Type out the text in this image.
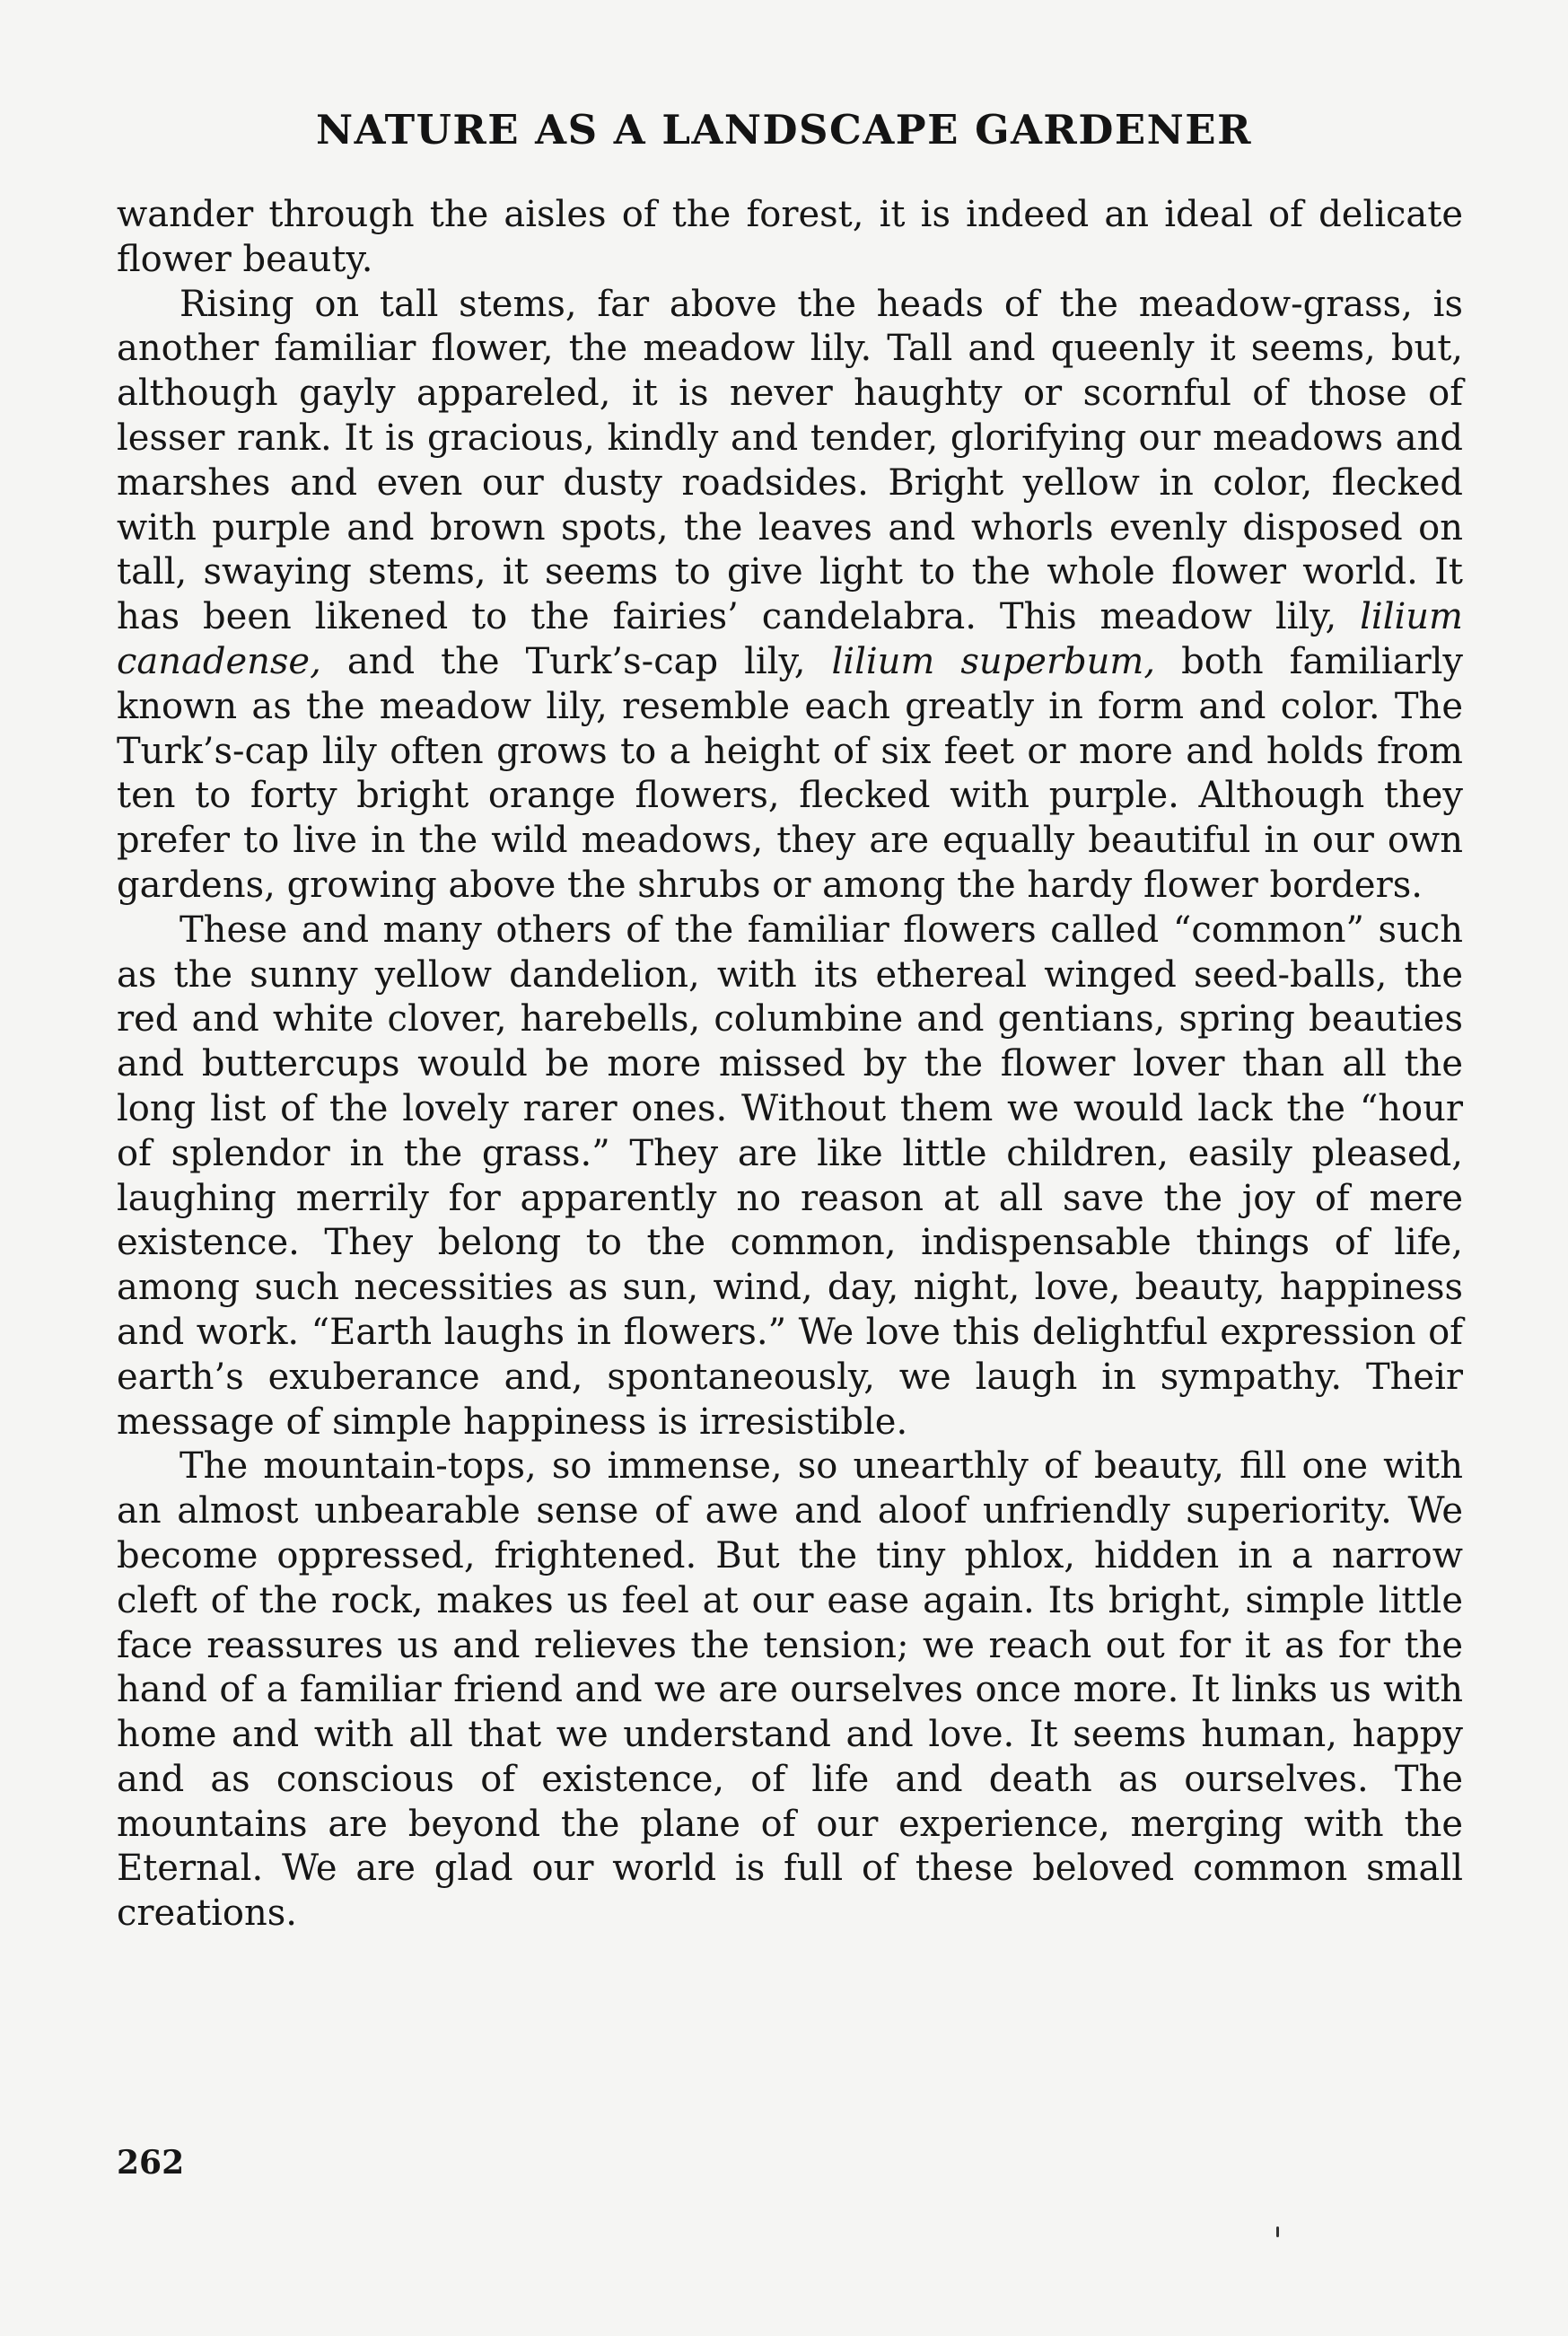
NATURE AS A LANDSCAPE GARDENER

wander through the aisles of the forest, it is indeed an ideal of delicate flower beauty.

Rising on tall stems, far above the heads of the meadow-grass, is another familiar flower, the meadow lily. Tall and queenly it seems, but, although gayly appareled, it is never haughty or scornful of those of lesser rank. It is gracious, kindly and tender, glorifying our meadows and marshes and even our dusty roadsides. Bright yellow in color, flecked with purple and brown spots, the leaves and whorls evenly disposed on tall, swaying stems, it seems to give light to the whole flower world. It has been likened to the fairies’ candelabra. This meadow lily, lilium canadense, and the Turk’s-cap lily, lilium superbum, both familiarly known as the meadow lily, resemble each greatly in form and color. The Turk’s-cap lily often grows to a height of six feet or more and holds from ten to forty bright orange flowers, flecked with purple. Although they prefer to live in the wild meadows, they are equally beautiful in our own gardens, growing above the shrubs or among the hardy flower borders.

These and many others of the familiar flowers called “common” such as the sunny yellow dandelion, with its ethereal winged seed-balls, the red and white clover, harebells, columbine and gentians, spring beauties and buttercups would be more missed by the flower lover than all the long list of the lovely rarer ones. Without them we would lack the “hour of splendor in the grass.” They are like little children, easily pleased, laughing merrily for apparently no reason at all save the joy of mere existence. They belong to the common, indispensable things of life, among such necessities as sun, wind, day, night, love, beauty, happiness and work. “Earth laughs in flowers.” We love this delightful expression of earth’s exuberance and, spontaneously, we laugh in sympathy. Their message of simple happiness is irresistible.

The mountain-tops, so immense, so unearthly of beauty, fill one with an almost unbearable sense of awe and aloof unfriendly superiority. We become oppressed, frightened. But the tiny phlox, hidden in a narrow cleft of the rock, makes us feel at our ease again. Its bright, simple little face reassures us and relieves the tension; we reach out for it as for the hand of a familiar friend and we are ourselves once more. It links us with home and with all that we understand and love. It seems human, happy and as conscious of existence, of life and death as ourselves. The mountains are beyond the plane of our experience, merging with the Eternal. We are glad our world is full of these beloved common small creations.

262
